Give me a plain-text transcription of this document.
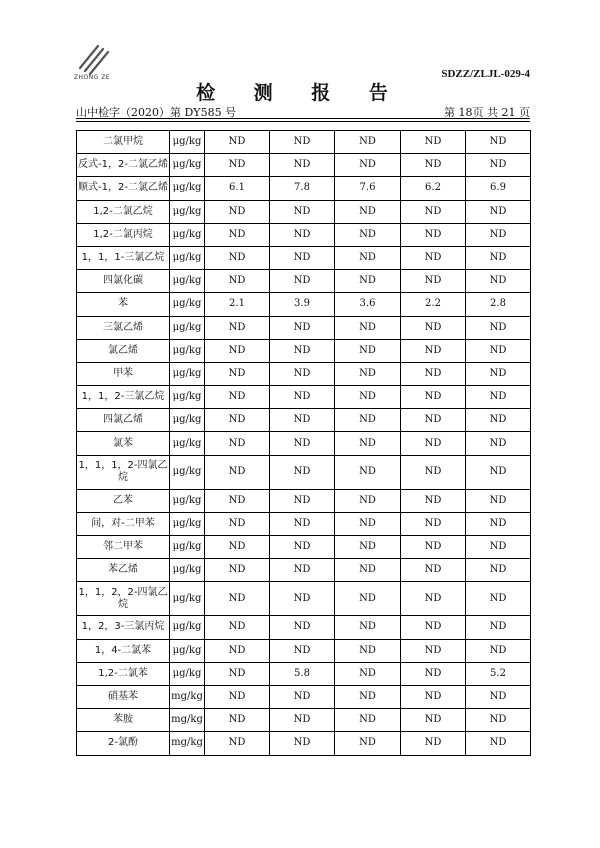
ZHONG ZE	SDZZ/ZLJL-029-4
检 测 报 告
山中检字（2020）第 DY585 号	第 18页 共 21 页
二氯甲烷	μg/kg	ND	ND	ND	ND	ND
反式-1，2-二氯乙烯	μg/kg	ND	ND	ND	ND	ND
顺式-1，2-二氯乙烯	μg/kg	6.1	7.8	7.6	6.2	6.9
1,2-二氯乙烷	μg/kg	ND	ND	ND	ND	ND
1,2-二氯丙烷	μg/kg	ND	ND	ND	ND	ND
1，1，1-三氯乙烷	μg/kg	ND	ND	ND	ND	ND
四氯化碳	μg/kg	ND	ND	ND	ND	ND
苯	μg/kg	2.1	3.9	3.6	2.2	2.8
三氯乙烯	μg/kg	ND	ND	ND	ND	ND
氯乙烯	μg/kg	ND	ND	ND	ND	ND
甲苯	μg/kg	ND	ND	ND	ND	ND
1，1，2-三氯乙烷	μg/kg	ND	ND	ND	ND	ND
四氯乙烯	μg/kg	ND	ND	ND	ND	ND
氯苯	μg/kg	ND	ND	ND	ND	ND
1，1，1，2-四氯乙烷	μg/kg	ND	ND	ND	ND	ND
乙苯	μg/kg	ND	ND	ND	ND	ND
间，对-二甲苯	μg/kg	ND	ND	ND	ND	ND
邻二甲苯	μg/kg	ND	ND	ND	ND	ND
苯乙烯	μg/kg	ND	ND	ND	ND	ND
1，1，2，2-四氯乙烷	μg/kg	ND	ND	ND	ND	ND
1，2，3-三氯丙烷	μg/kg	ND	ND	ND	ND	ND
1，4-二氯苯	μg/kg	ND	ND	ND	ND	ND
1,2-二氯苯	μg/kg	ND	5.8	ND	ND	5.2
硝基苯	mg/kg	ND	ND	ND	ND	ND
苯胺	mg/kg	ND	ND	ND	ND	ND
2-氯酚	mg/kg	ND	ND	ND	ND	ND
